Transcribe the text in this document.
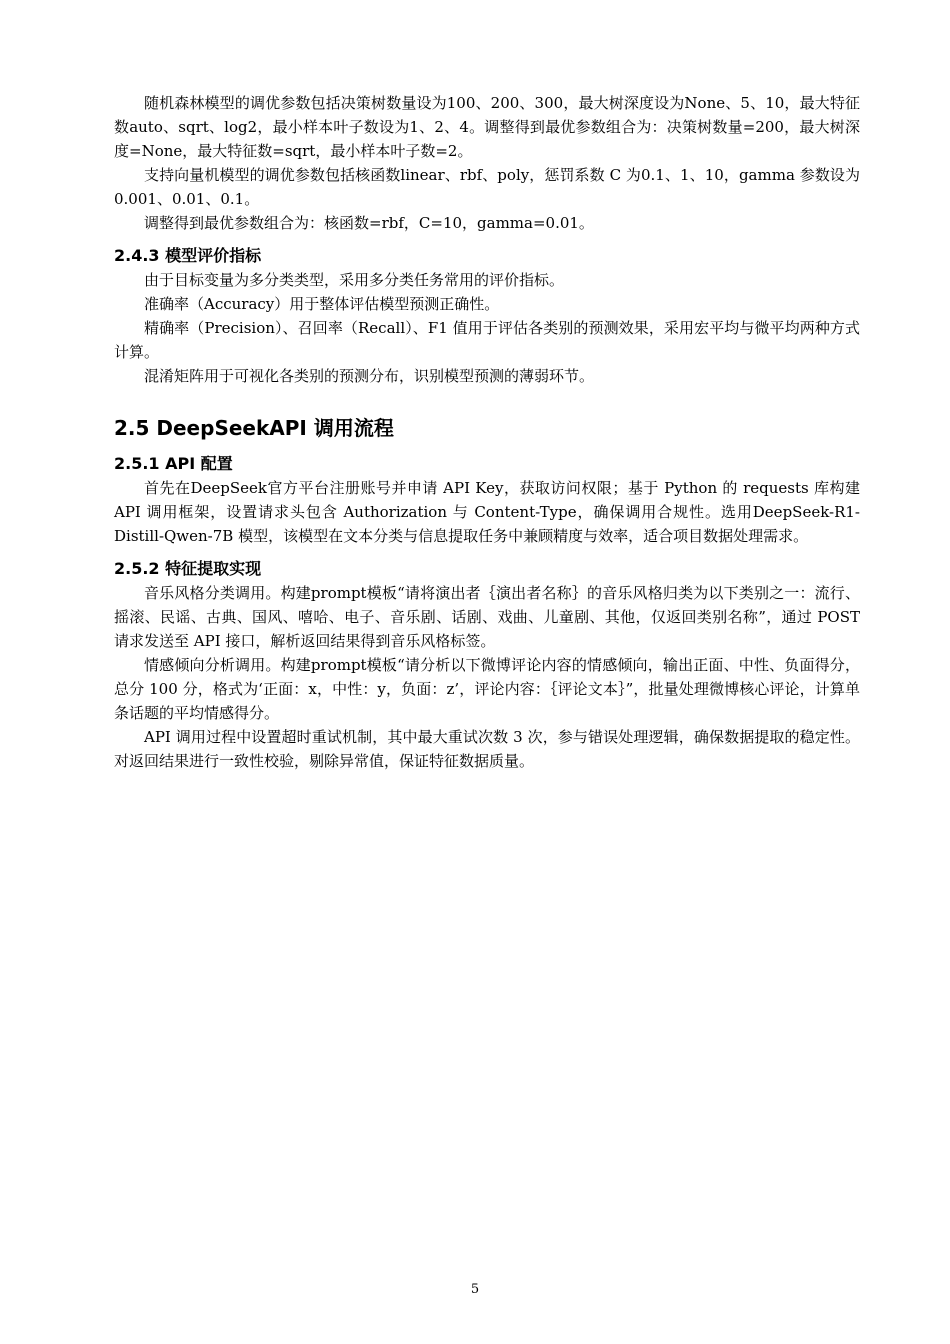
随机森林模型的调优参数包括决策树数量设为100、200、300，最大树深度设为None、5、10，最大特征数auto、sqrt、log2，最小样本叶子数设为1、2、4。调整得到最优参数组合为：决策树数量=200，最大树深度=None，最大特征数=sqrt，最小样本叶子数=2。

支持向量机模型的调优参数包括核函数linear、rbf、poly，惩罚系数 C 为0.1、1、10，gamma 参数设为0.001、0.01、0.1。

调整得到最优参数组合为：核函数=rbf，C=10，gamma=0.01。

2.4.3 模型评价指标

由于目标变量为多分类类型，采用多分类任务常用的评价指标。

准确率（Accuracy）用于整体评估模型预测正确性。

精确率（Precision）、召回率（Recall）、F1 值用于评估各类别的预测效果，采用宏平均与微平均两种方式计算。

混淆矩阵用于可视化各类别的预测分布，识别模型预测的薄弱环节。

2.5 DeepSeekAPI 调用流程
2.5.1 API 配置

首先在DeepSeek官方平台注册账号并申请 API Key，获取访问权限；基于 Python 的 requests 库构建 API 调用框架，设置请求头包含 Authorization 与 Content-Type，确保调用合规性。选用DeepSeek-R1-Distill-Qwen-7B 模型，该模型在文本分类与信息提取任务中兼顾精度与效率，适合项目数据处理需求。

2.5.2 特征提取实现

音乐风格分类调用。构建prompt模板“请将演出者｛演出者名称｝的音乐风格归类为以下类别之一：流行、摇滚、民谣、古典、国风、嘻哈、电子、音乐剧、话剧、戏曲、儿童剧、其他，仅返回类别名称”，通过 POST 请求发送至 API 接口，解析返回结果得到音乐风格标签。

情感倾向分析调用。构建prompt模板“请分析以下微博评论内容的情感倾向，输出正面、中性、负面得分，总分 100 分，格式为‘正面：x，中性：y，负面：z’，评论内容：｛评论文本｝”，批量处理微博核心评论，计算单条话题的平均情感得分。

API 调用过程中设置超时重试机制，其中最大重试次数 3 次，参与错误处理逻辑，确保数据提取的稳定性。对返回结果进行一致性校验，剔除异常值，保证特征数据质量。

5
